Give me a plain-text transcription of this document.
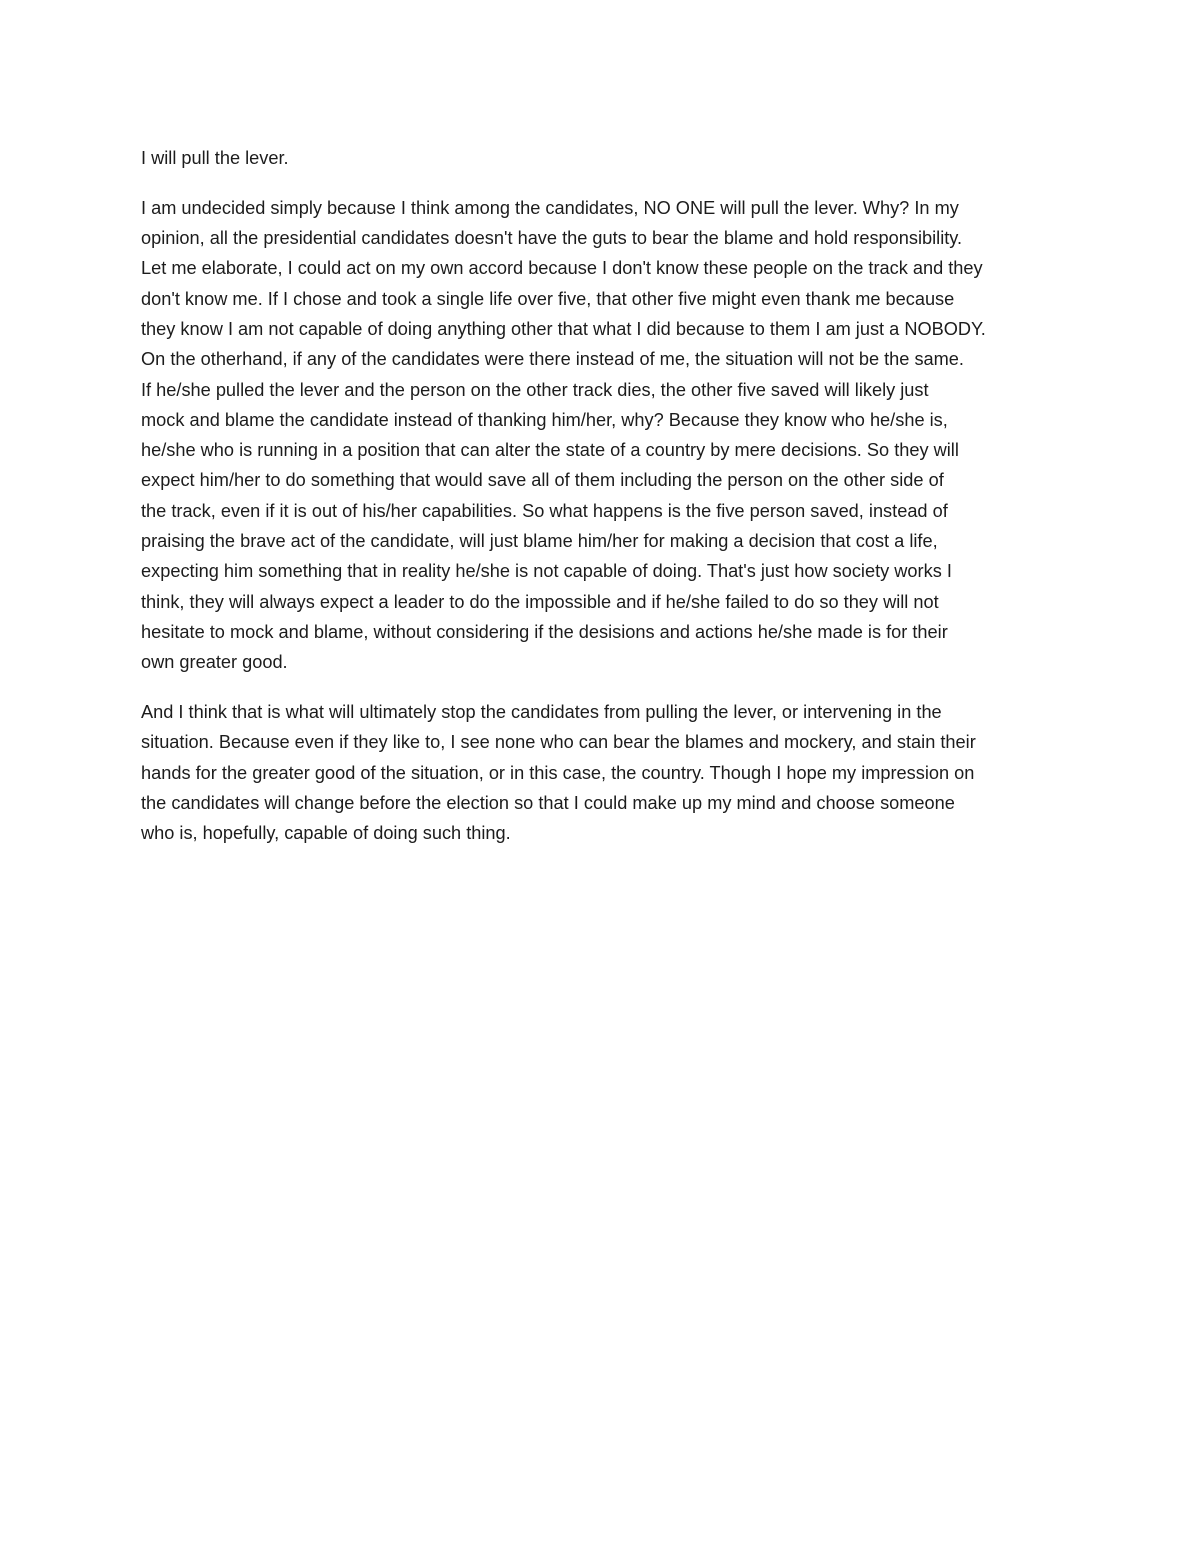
I will pull the lever.
I am undecided simply because I think among the candidates, NO ONE will pull the lever. Why? In my
opinion, all the presidential candidates doesn't have the guts to bear the blame and hold responsibility.
Let me elaborate, I could act on my own accord because I don't know these people on the track and they
don't know me. If I chose and took a single life over five, that other five might even thank me because
they know I am not capable of doing anything other that what I did because to them I am just a NOBODY.
On the otherhand, if any of the candidates were there instead of me, the situation will not be the same.
If he/she pulled the lever and the person on the other track dies, the other five saved will likely just
mock and blame the candidate instead of thanking him/her, why? Because they know who he/she is,
he/she who is running in a position that can alter the state of a country by mere decisions. So they will
expect him/her to do something that would save all of them including the person on the other side of
the track, even if it is out of his/her capabilities. So what happens is the five person saved, instead of
praising the brave act of the candidate, will just blame him/her for making a decision that cost a life,
expecting him something that in reality he/she is not capable of doing. That's just how society works I
think, they will always expect a leader to do the impossible and if he/she failed to do so they will not
hesitate to mock and blame, without considering if the desisions and actions he/she made is for their
own greater good.
And I think that is what will ultimately stop the candidates from pulling the lever, or intervening in the
situation. Because even if they like to, I see none who can bear the blames and mockery, and stain their
hands for the greater good of the situation, or in this case, the country. Though I hope my impression on
the candidates will change before the election so that I could make up my mind and choose someone
who is, hopefully, capable of doing such thing.
